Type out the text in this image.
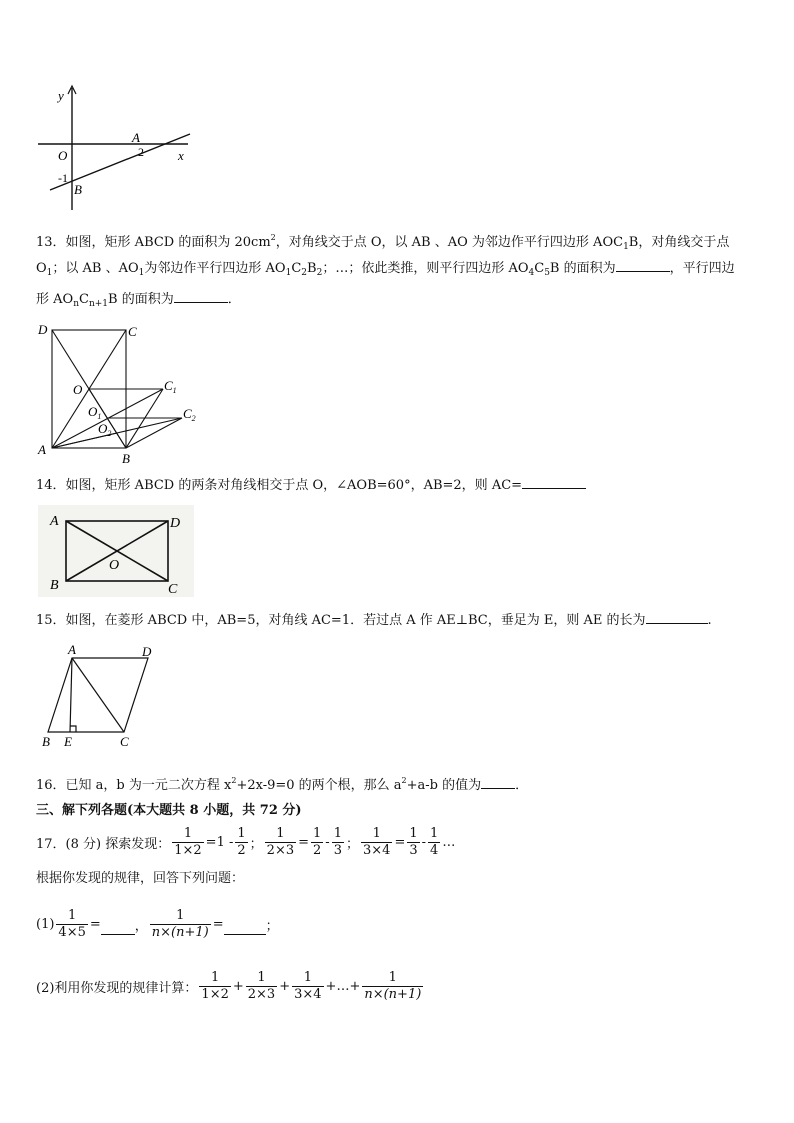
y
x
O
A
2
-1
B
13．如图，矩形 ABCD 的面积为 $20cm^2$，对角线交于点 O，以 AB 、AO 为邻边作平行四边形 $AOC_1B$，对角线交于点
$O_1$；以 AB 、$AO_1$为邻边作平行四边形 $AO_1C_2B_2$；…；依此类推，则平行四边形 $AO_4C_5B$ 的面积为	，平行四边
形 $AO_nC_{n+1}B$ 的面积为	．
D	C
O	$C_1$
$O_1$	$C_2$
$O_2$
A
B
14．如图，矩形 ABCD 的两条对角线相交于点 O，∠AOB=60°，AB=2，则 AC=
A	D
B
O
C
15．如图，在菱形 ABCD 中，AB=5，对角线 AC=1．若过点 A 作 AE⊥BC，垂足为 E，则 AE 的长为	.
A	D
B E	C
16．已知 a，b 为一元二次方程 $x^2+2x-9=0$ 的两个根，那么 $a^2+a-b$ 的值为	．
三、解下列各题(本大题共 8 小题，共 72 分)
17．(8 分) 探索发现： $\frac{1}{1\times 2} =1 - \frac{1}{2}$ ； $\frac{1}{2\times 3} = \frac{1}{2} - \frac{1}{3}$ ； $\frac{1}{3\times 4} = \frac{1}{3} - \frac{1}{4}$ …
根据你发现的规律，回答下列问题：
$(1) \frac{1}{4\times 5}$ =	， $\frac{1}{n\times(n+1)}$ =	；
(2)利用你发现的规律计算： $\frac{1}{1\times 2} + \frac{1}{2\times 3} + \frac{1}{3\times 4}$ +…+ $\frac{1}{n\times(n+1)}$
